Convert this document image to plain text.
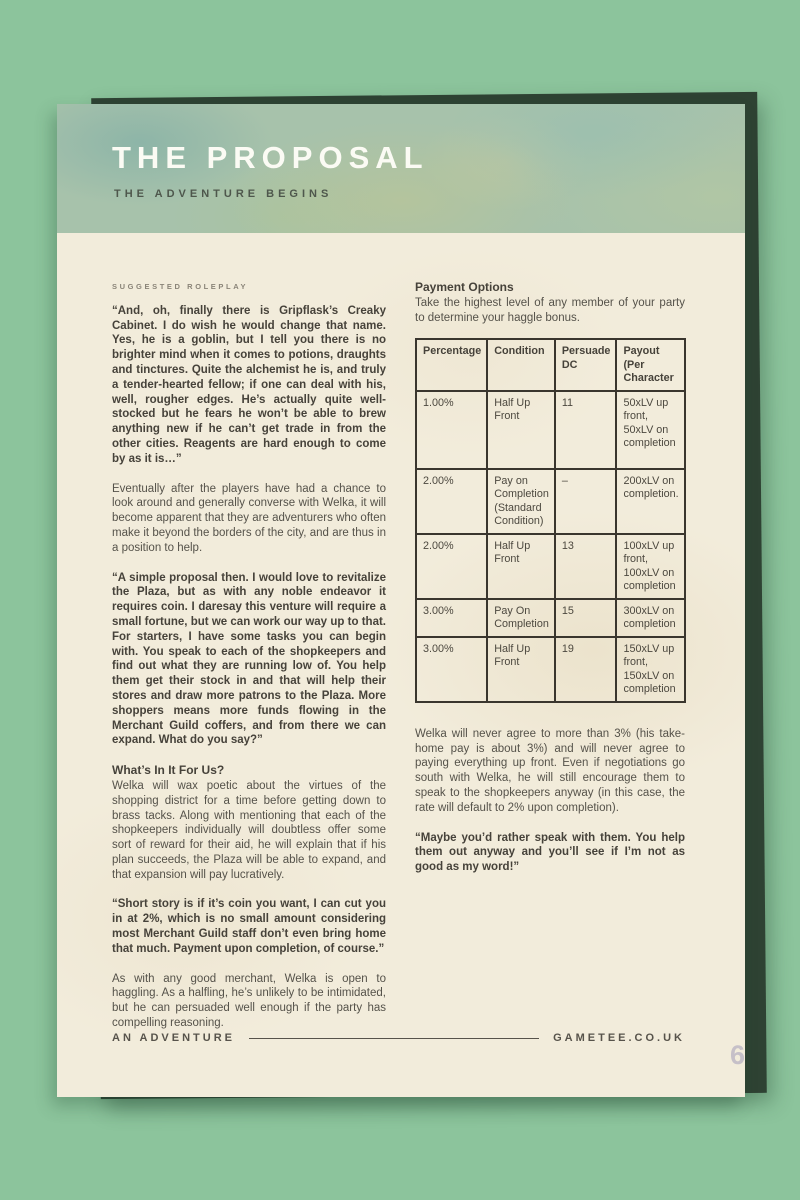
THE PROPOSAL
THE ADVENTURE BEGINS
SUGGESTED ROLEPLAY

“And, oh, finally there is Gripflask’s Creaky Cabinet. I do wish he would change that name. Yes, he is a goblin, but I tell you there is no brighter mind when it comes to potions, draughts and tinctures. Quite the alchemist he is, and truly a tender-hearted fellow; if one can deal with his, well, rougher edges. He’s actually quite well-stocked but he fears he won’t be able to brew anything new if he can’t get trade in from the other cities. Reagents are hard enough to come by as it is…”

Eventually after the players have had a chance to look around and generally converse with Welka, it will become apparent that they are adventurers who often make it beyond the borders of the city, and are thus in a position to help.

“A simple proposal then. I would love to revitalize the Plaza, but as with any noble endeavor it requires coin. I daresay this venture will require a small fortune, but we can work our way up to that. For starters, I have some tasks you can begin with. You speak to each of the shopkeepers and find out what they are running low of. You help them get their stock in and that will help their stores and draw more patrons to the Plaza. More shoppers means more funds flowing in the Merchant Guild coffers, and from there we can expand. What do you say?”

What’s In It For Us?

Welka will wax poetic about the virtues of the shopping district for a time before getting down to brass tacks. Along with mentioning that each of the shopkeepers individually will doubtless offer some sort of reward for their aid, he will explain that if his plan succeeds, the Plaza will be able to expand, and that expansion will pay lucratively.

“Short story is if it’s coin you want, I can cut you in at 2%, which is no small amount considering most Merchant Guild staff don’t even bring home that much. Payment upon completion, of course.”

As with any good merchant, Welka is open to haggling. As a halfling, he’s unlikely to be intimidated, but he can persuaded well enough if the party has compelling reasoning.

Payment Options

Take the highest level of any member of your party to determine your haggle bonus.

Percentage	Condition	Persuade DC	Payout (Per Character
1.00%	Half Up Front	11	50xLV up front, 50xLV on completion
2.00%	Pay on Completion (Standard Condition)	–	200xLV on completion.
2.00%	Half Up Front	13	100xLV up front, 100xLV on completion
3.00%	Pay On Completion	15	300xLV on completion
3.00%	Half Up Front	19	150xLV up front, 150xLV on completion

Welka will never agree to more than 3% (his take-home pay is about 3%) and will never agree to paying everything up front. Even if negotiations go south with Welka, he will still encourage them to speak to the shopkeepers anyway (in this case, the rate will default to 2% upon completion).

“Maybe you’d rather speak with them. You help them out anyway and you’ll see if I’m not as good as my word!”

AN ADVENTURE	GAMETEE.CO.UK
6
